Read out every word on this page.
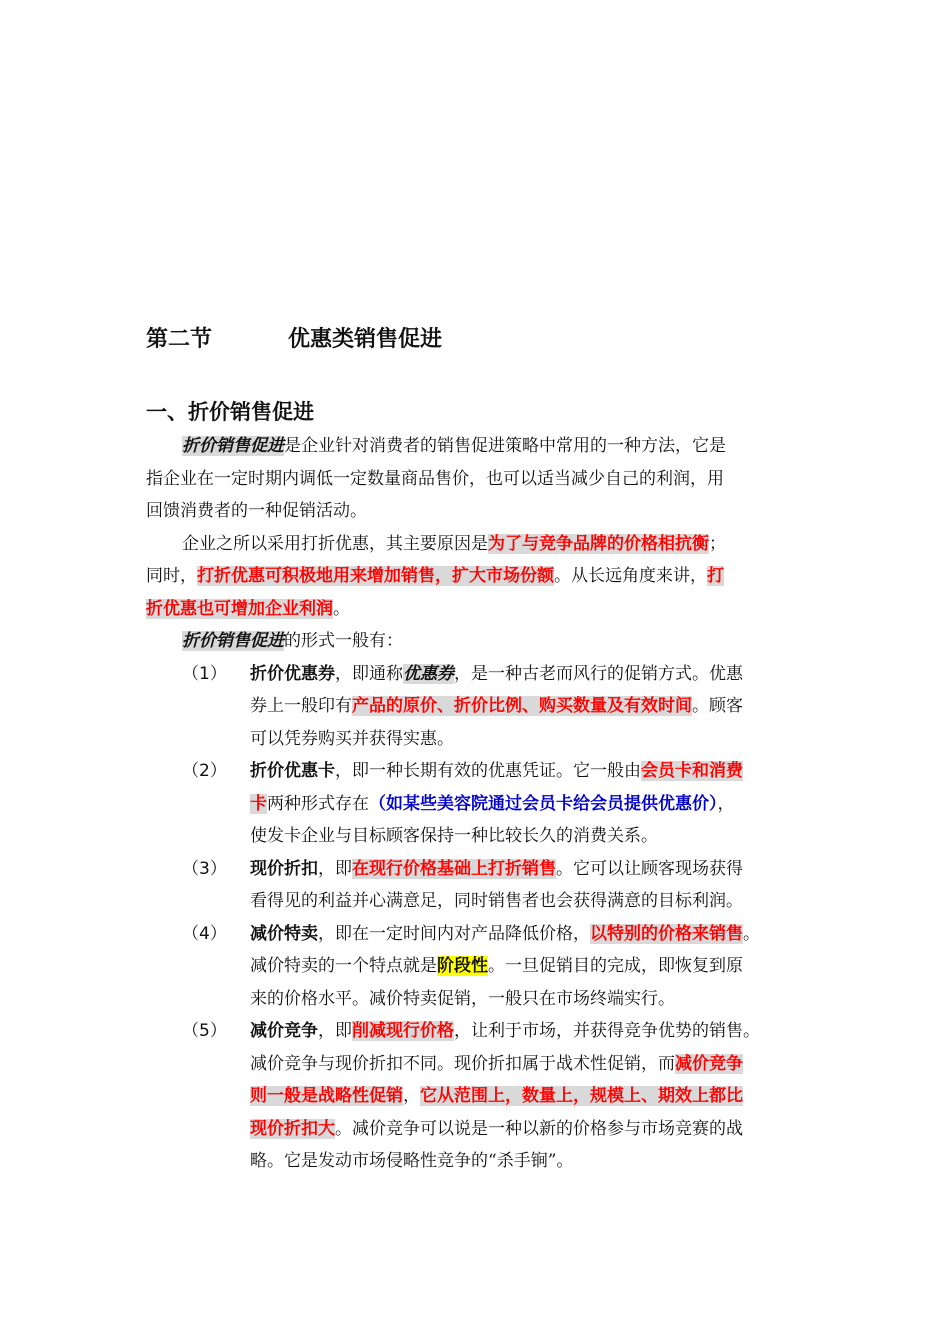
第二节	优惠类销售促进
一、折价销售促进
折价销售促进是企业针对消费者的销售促进策略中常用的一种方法，它是
指企业在一定时期内调低一定数量商品售价，也可以适当减少自己的利润，用
回馈消费者的一种促销活动。
企业之所以采用打折优惠，其主要原因是为了与竞争品牌的价格相抗衡；
同时，打折优惠可积极地用来增加销售，扩大市场份额。从长远角度来讲，打
折优惠也可增加企业利润。
折价销售促进的形式一般有：
（1）	折价优惠券，即通称优惠券，是一种古老而风行的促销方式。优惠
券上一般印有产品的原价、折价比例、购买数量及有效时间。顾客
可以凭券购买并获得实惠。
（2）	折价优惠卡，即一种长期有效的优惠凭证。它一般由会员卡和消费
卡两种形式存在（如某些美容院通过会员卡给会员提供优惠价），
使发卡企业与目标顾客保持一种比较长久的消费关系。
（3）	现价折扣，即在现行价格基础上打折销售。它可以让顾客现场获得
看得见的利益并心满意足，同时销售者也会获得满意的目标利润。
（4）	减价特卖，即在一定时间内对产品降低价格，以特别的价格来销售。
减价特卖的一个特点就是阶段性。一旦促销目的完成，即恢复到原
来的价格水平。减价特卖促销，一般只在市场终端实行。
（5）	减价竞争，即削减现行价格，让利于市场，并获得竞争优势的销售。
减价竞争与现价折扣不同。现价折扣属于战术性促销，而减价竞争
则一般是战略性促销，它从范围上，数量上，规模上、期效上都比
现价折扣大。减价竞争可以说是一种以新的价格参与市场竞赛的战
略。它是发动市场侵略性竞争的“杀手锏”。
